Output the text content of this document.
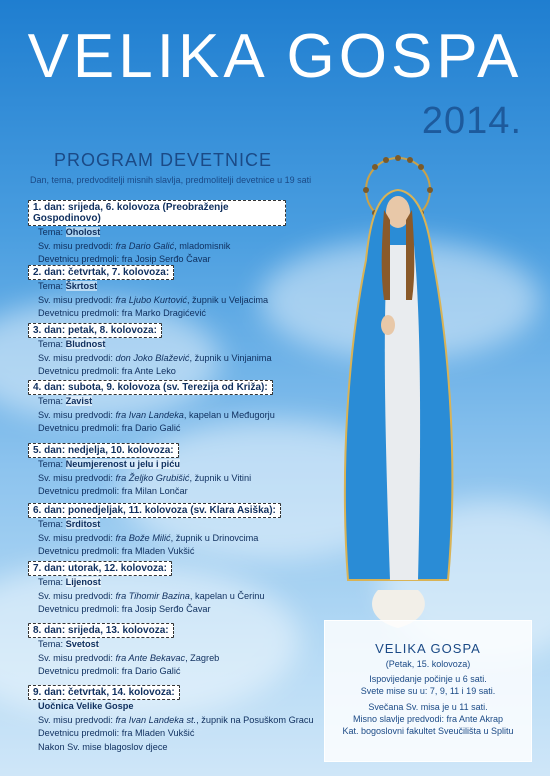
VELIKA GOSPA
2014.
PROGRAM DEVETNICE
Dan, tema, predvoditelji misnih slavlja, predmolitelji devetnice u 19 sati
1. dan: srijeda, 6. kolovoza (Preobraženje Gospodinovo)
Tema: Oholost
Sv. misu predvodi: fra Dario Galić, mladomisnik
Devetnicu predmoli: fra Josip Serđo Čavar
2. dan: četvrtak, 7. kolovoza:
Tema: Škrtost
Sv. misu predvodi: fra Ljubo Kurtović, župnik u Veljacima
Devetnicu predmoli: fra Marko Dragićević
3. dan: petak, 8. kolovoza:
Tema: Bludnost
Sv. misu predvodi: don Joko Blažević, župnik u Vinjanima
Devetnicu predmoli: fra Ante Leko
4. dan: subota, 9. kolovoza (sv. Terezija od Križa):
Tema: Zavist
Sv. misu predvodi: fra Ivan Landeka, kapelan u Međugorju
Devetnicu predmoli: fra Dario Galić
5. dan: nedjelja, 10. kolovoza:
Tema: Neumjerenost u jelu i piću
Sv. misu predvodi: fra Željko Grubišić, župnik u Vitini
Devetnicu predmoli: fra Milan Lončar
6. dan: ponedjeljak, 11. kolovoza (sv. Klara Asiška):
Tema: Srditost
Sv. misu predvodi: fra Bože Milić, župnik u Drinovcima
Devetnicu predmoli: fra Mladen Vukšić
7. dan: utorak, 12. kolovoza:
Tema: Lijenost
Sv. misu predvodi: fra Tihomir Bazina, kapelan u Čerinu
Devetnicu predmoli: fra Josip Serđo Čavar
8. dan: srijeda, 13. kolovoza:
Tema: Svetost
Sv. misu predvodi: fra Ante Bekavac, Zagreb
Devetnicu predmoli: fra Dario Galić
9. dan: četvrtak, 14. kolovoza:
Uočnica Velike Gospe
Sv. misu predvodi: fra Ivan Landeka st., župnik na Posuškom Gracu
Devetnicu predmoli: fra Mladen Vukšić
Nakon Sv. mise blagoslov djece
VELIKA GOSPA
(Petak, 15. kolovoza)
Ispovijedanje počinje u 6 sati.
Svete mise su u: 7, 9, 11 i 19 sati.
Svečana Sv. misa je u 11 sati.
Misno slavlje predvodi: fra Ante Akrap
Kat. bogoslovni fakultet Sveučilišta u Splitu
